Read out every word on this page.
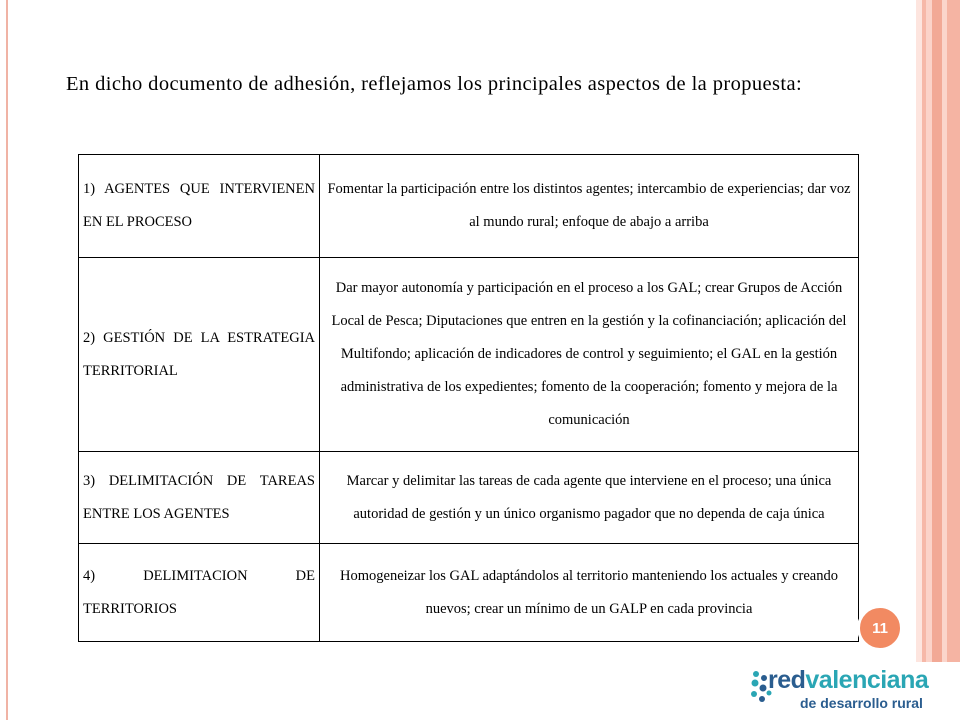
En dicho documento de adhesión, reflejamos los principales aspectos de la propuesta:

1) AGENTES QUE INTERVIENEN EN EL PROCESO	Fomentar la participación entre los distintos agentes; intercambio de experiencias; dar voz al mundo rural; enfoque de abajo a arriba
2) GESTIÓN DE LA ESTRATEGIA TERRITORIAL	Dar mayor autonomía y participación en el proceso a los GAL; crear Grupos de Acción Local de Pesca; Diputaciones que entren en la gestión y la cofinanciación; aplicación del Multifondo; aplicación de indicadores de control y seguimiento; el GAL en la gestión administrativa de los expedientes; fomento de la cooperación; fomento y mejora de la comunicación
3) DELIMITACIÓN DE TAREAS ENTRE LOS AGENTES	Marcar y delimitar las tareas de cada agente que interviene en el proceso; una única autoridad de gestión y un único organismo pagador que no dependa de caja única
4) DELIMITACION DE TERRITORIOS	Homogeneizar los GAL adaptándolos al territorio manteniendo los actuales y creando nuevos; crear un mínimo de un GALP en cada provincia
11
redvalenciana
de desarrollo rural
